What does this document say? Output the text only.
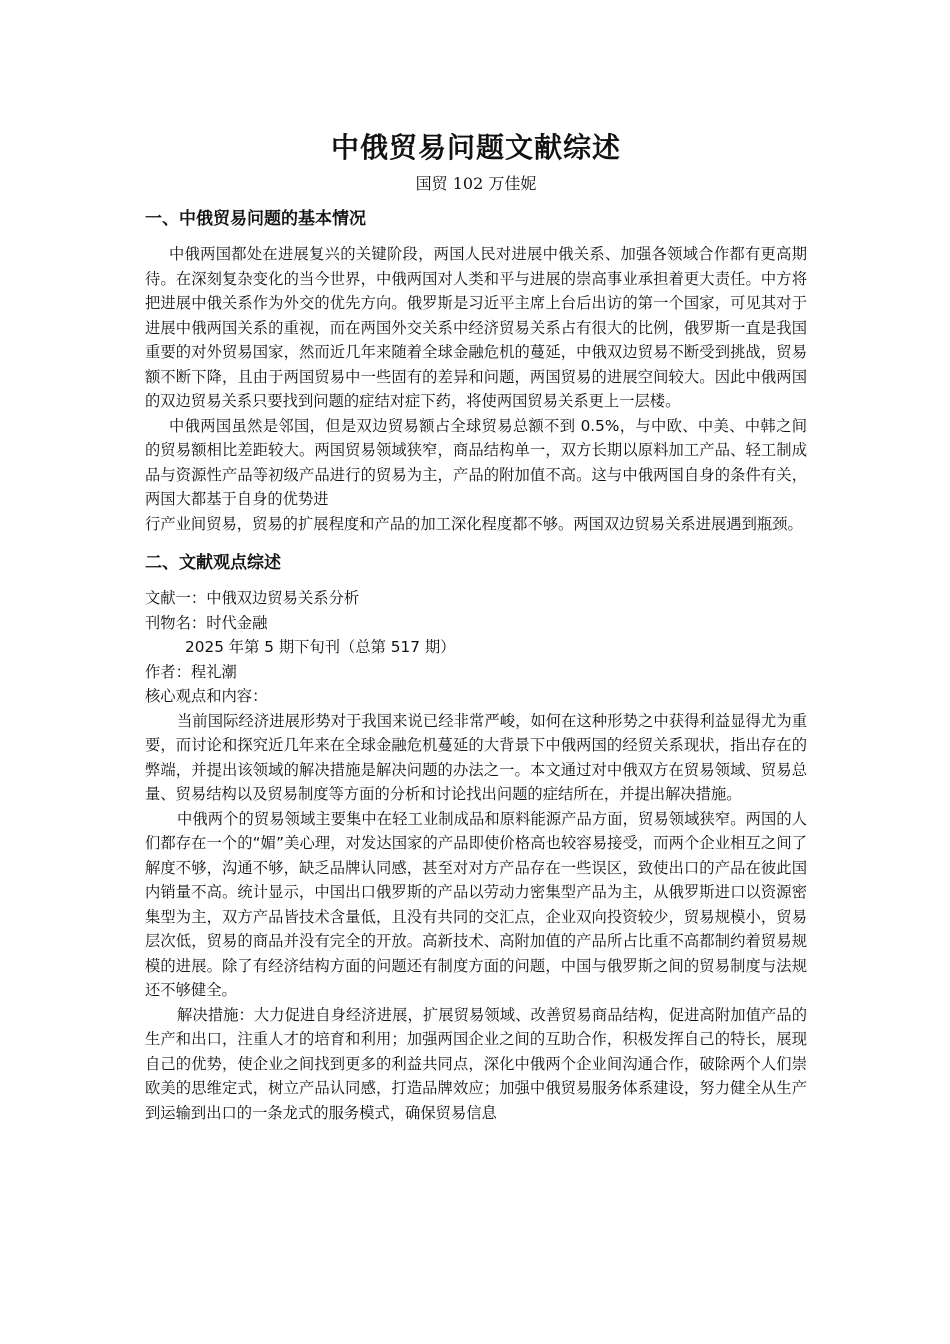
中俄贸易问题文献综述

国贸 102 万佳妮

一、中俄贸易问题的基本情况

中俄两国都处在进展复兴的关键阶段，两国人民对进展中俄关系、加强各领域合作都有更高期待。在深刻复杂变化的当今世界，中俄两国对人类和平与进展的崇高事业承担着更大责任。中方将把进展中俄关系作为外交的优先方向。俄罗斯是习近平主席上台后出访的第一个国家，可见其对于进展中俄两国关系的重视，而在两国外交关系中经济贸易关系占有很大的比例，俄罗斯一直是我国重要的对外贸易国家，然而近几年来随着全球金融危机的蔓延，中俄双边贸易不断受到挑战，贸易额不断下降，且由于两国贸易中一些固有的差异和问题，两国贸易的进展空间较大。因此中俄两国的双边贸易关系只要找到问题的症结对症下药，将使两国贸易关系更上一层楼。

中俄两国虽然是邻国，但是双边贸易额占全球贸易总额不到 0.5%，与中欧、中美、中韩之间的贸易额相比差距较大。两国贸易领域狭窄，商品结构单一，双方长期以原料加工产品、轻工制成品与资源性产品等初级产品进行的贸易为主，产品的附加值不高。这与中俄两国自身的条件有关，两国大都基于自身的优势进

行产业间贸易，贸易的扩展程度和产品的加工深化程度都不够。两国双边贸易关系进展遇到瓶颈。

二、文献观点综述

文献一：中俄双边贸易关系分析

刊物名：时代金融

2025 年第 5 期下旬刊（总第 517 期）

作者：程礼潮

核心观点和内容：

当前国际经济进展形势对于我国来说已经非常严峻，如何在这种形势之中获得利益显得尤为重要，而讨论和探究近几年来在全球金融危机蔓延的大背景下中俄两国的经贸关系现状，指出存在的弊端，并提出该领域的解决措施是解决问题的办法之一。本文通过对中俄双方在贸易领域、贸易总量、贸易结构以及贸易制度等方面的分析和讨论找出问题的症结所在，并提出解决措施。

中俄两个的贸易领域主要集中在轻工业制成品和原料能源产品方面，贸易领域狭窄。两国的人们都存在一个的“媚”美心理，对发达国家的产品即使价格高也较容易接受，而两个企业相互之间了解度不够，沟通不够，缺乏品牌认同感，甚至对对方产品存在一些误区，致使出口的产品在彼此国内销量不高。统计显示，中国出口俄罗斯的产品以劳动力密集型产品为主，从俄罗斯进口以资源密集型为主，双方产品皆技术含量低，且没有共同的交汇点，企业双向投资较少，贸易规模小，贸易层次低，贸易的商品并没有完全的开放。高新技术、高附加值的产品所占比重不高都制约着贸易规模的进展。除了有经济结构方面的问题还有制度方面的问题，中国与俄罗斯之间的贸易制度与法规还不够健全。

解决措施：大力促进自身经济进展，扩展贸易领域、改善贸易商品结构，促进高附加值产品的生产和出口，注重人才的培育和利用；加强两国企业之间的互助合作，积极发挥自己的特长，展现自己的优势，使企业之间找到更多的利益共同点，深化中俄两个企业间沟通合作，破除两个人们崇欧美的思维定式，树立产品认同感，打造品牌效应；加强中俄贸易服务体系建设，努力健全从生产到运输到出口的一条龙式的服务模式，确保贸易信息
